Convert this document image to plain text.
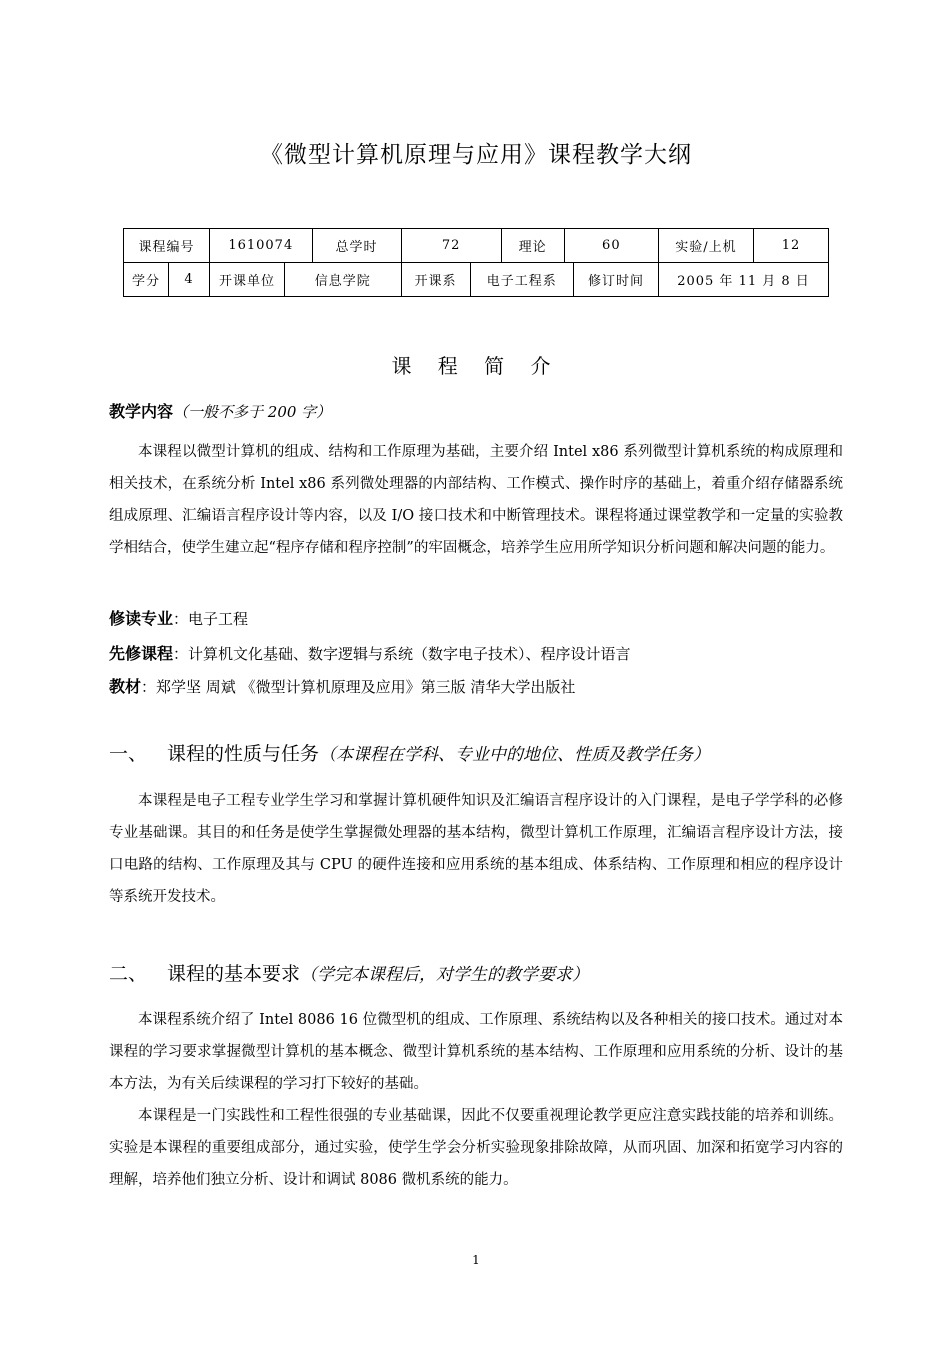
《微型计算机原理与应用》课程教学大纲
课程编号		1610074		总学时	72		理论	60		实验/上机	12
学分	4	开课单位	信息学院		开课系	电子工程系			修订时间	2005 年 11 月 8 日	
课 程 简 介
教学内容（一般不多于 200 字）
本课程以微型计算机的组成、结构和工作原理为基础，主要介绍 Intel x86 系列微型计算机系统的构成原理和相关技术，在系统分析 Intel x86 系列微处理器的内部结构、工作模式、操作时序的基础上，着重介绍存储器系统组成原理、汇编语言程序设计等内容，以及 I/O 接口技术和中断管理技术。课程将通过课堂教学和一定量的实验教学相结合，使学生建立起“程序存储和程序控制”的牢固概念，培养学生应用所学知识分析问题和解决问题的能力。
修读专业：电子工程
先修课程：计算机文化基础、数字逻辑与系统（数字电子技术）、程序设计语言
教材：郑学坚 周斌 《微型计算机原理及应用》第三版 清华大学出版社
一、 课程的性质与任务（本课程在学科、专业中的地位、性质及教学任务）
本课程是电子工程专业学生学习和掌握计算机硬件知识及汇编语言程序设计的入门课程，是电子学学科的必修专业基础课。其目的和任务是使学生掌握微处理器的基本结构，微型计算机工作原理，汇编语言程序设计方法，接口电路的结构、工作原理及其与 CPU 的硬件连接和应用系统的基本组成、体系结构、工作原理和相应的程序设计等系统开发技术。
二、 课程的基本要求（学完本课程后，对学生的教学要求）
本课程系统介绍了 Intel 8086 16 位微型机的组成、工作原理、系统结构以及各种相关的接口技术。通过对本课程的学习要求掌握微型计算机的基本概念、微型计算机系统的基本结构、工作原理和应用系统的分析、设计的基本方法，为有关后续课程的学习打下较好的基础。
本课程是一门实践性和工程性很强的专业基础课，因此不仅要重视理论教学更应注意实践技能的培养和训练。实验是本课程的重要组成部分，通过实验，使学生学会分析实验现象排除故障，从而巩固、加深和拓宽学习内容的理解，培养他们独立分析、设计和调试 8086 微机系统的能力。
1
